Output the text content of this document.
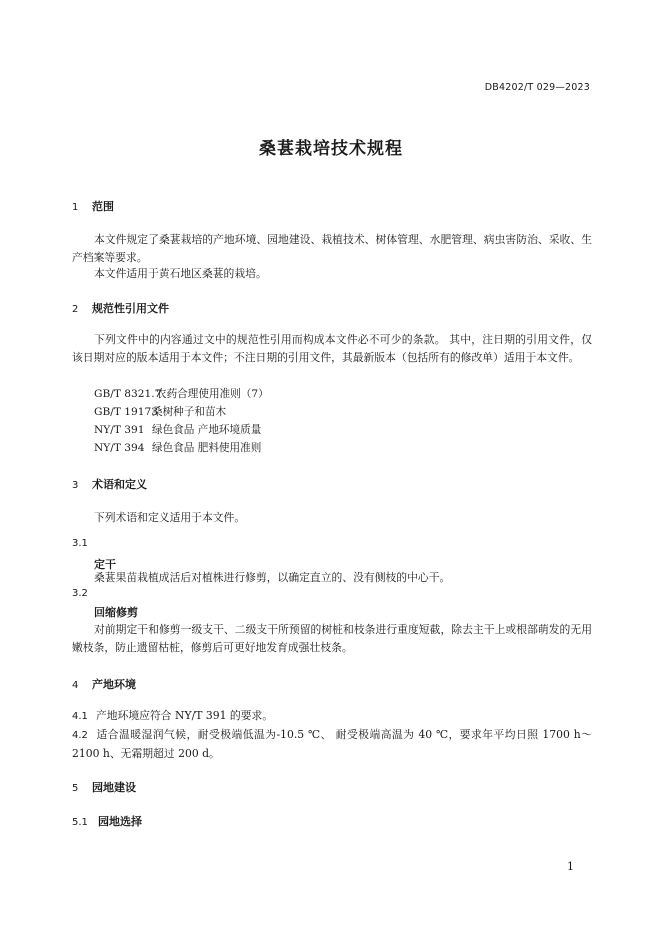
DB4202/T 029—2023
桑葚栽培技术规程
1 范围
本文件规定了桑葚栽培的产地环境、园地建设、栽植技术、树体管理、水肥管理、病虫害防治、采收、生产档案等要求。
本文件适用于黄石地区桑葚的栽培。
2 规范性引用文件
下列文件中的内容通过文中的规范性引用而构成本文件必不可少的条款。 其中，注日期的引用文件，仅该日期对应的版本适用于本文件；不注日期的引用文件，其最新版本（包括所有的修改单）适用于本文件。
GB/T 8321.7农药合理使用准则（7）
GB/T 19173桑树种子和苗木
NY/T 391 绿色食品 产地环境质量
NY/T 394 绿色食品 肥料使用准则
3 术语和定义
下列术语和定义适用于本文件。
3.1
定干
桑葚果苗栽植成活后对植株进行修剪，以确定直立的、没有侧枝的中心干。
3.2
回缩修剪
对前期定干和修剪一级支干、二级支干所预留的树桩和枝条进行重度短截，除去主干上或根部萌发的无用嫩枝条，防止遗留枯桩，修剪后可更好地发育成强壮枝条。
4 产地环境
4.1 产地环境应符合 NY/T 391 的要求。
4.2 适合温暖湿润气候，耐受极端低温为-10.5 ℃、 耐受极端高温为 40 ℃，要求年平均日照 1700 h～2100 h、无霜期超过 200 d。
5 园地建设
5.1 园地选择
1
